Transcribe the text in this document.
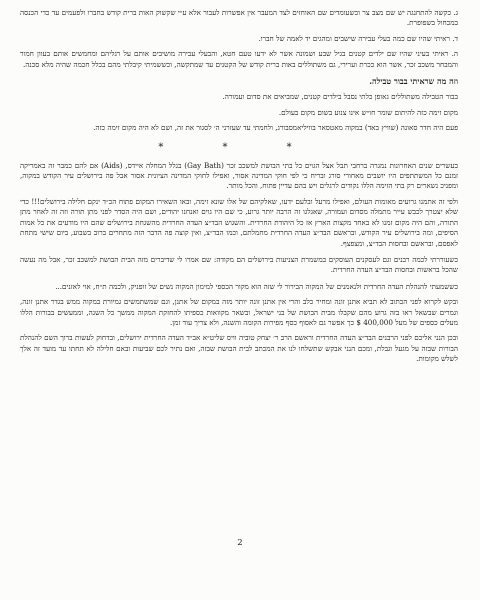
ג. כקשה להתחנגה יש שם מצב צר וכשעומדים שם האוחזים לצד המעבר אין אפשרות לעבור אלא ע״י שקשוק האות ברית קודש בחברו ולפעמים עד כדי הכנסה במכחול בשפופרת.

ד. ראיתי שהיו שם כמה בעלי עבירה שישבים ומהגים יד לאמה של חברו.

ה. ראיתי בעיני שהיו שם ילדים קטנים בגיל שבע ושמונה אשר לא ידעו טעם חטא, והבעלי עבירה מושיבים אותם על רגליהם ומחמשים אותם בעוון חמור והמבחר משכב זכר, אשר הוא ככרת וערירי, גם משתוללים באות ברית קודש של הקטנים עד שמתקשה, וכששמיתי קיבלתי מהם בכלל חכמה שהיה מלא סכנה.

וזה מה שראיתי בבור טבילה.

בבור הטבילה משתוללים גאופן כלתי נסבל בילדים קטנים, שמביאים את סדום ועמורה.

מקום זימה כזה להיתום שומר חו״ש אינו צנוע בשום מקום בעולם.

פעם היה חדר סאונה (שוויץ באד) במקוה מאטסאר בוויליאמסבורג, ולחמתי עד שעזרני ה׳ לסגור את זה, ושם לא היה מקום זימה כזה.

* * *

בעשרים שנים האחרונות נמגרה ברחבי תבל אצל הגוים כל בתי הבושת למשכב זכר (Gay Bath) בגלל המחלה איידס, (Aids) אם להם כמבר זה באמריקה זמנם כל המשתתפים היו יושבים מאחורי סורג ובריח כי לפי חוקי המדינה אסור, ואפילו לחוקי המדינה הציונית אסור אבל פה בירושלים עיר הקודש במקוה, ומפניכ נשארים רק בתי הזימה הללו נקודים לרגלים ויש בהם עדיין פתוח, והכל מותר.

ולפי זה אתמנו גרועים מאומות העולם, ואפילו מרעל ובלעם ידעו, שאלקיהם של אלו שונא זימה, ובאו השאירו המקום פתוח הכ״ד ינקם חלילה בירושלים!!! כדי שלא יצטרך לכבש עייר מתמלה מסדום ועמורה, שאגלגו זה הרבה יותר גרוע, כי שם היו גוים ואנחנו יהודים, ושם היה הסדר לפני מתן תורה וזה זה לאחר מתן התורה, והם היה מקום זמנו לא באחד מקצות הארץ אז כל היהודת החרדית. והשגוש הבד״צ העדה החרדית מהשגחת בירושלים שהם היו מודעים את כל אמות הסיפים, ומה בירושלים עיר הקודש, ובראשם הבד״צ העדה החרדית מחמלתם, וכמו הבד״צ, ואין קוצה פה הדבר הזה מתחרים ברוב בשבוע, ביום שישי מתחת לאפסם, ובראשם ובחסות הבד״צ, ומצפצף.

כשעוררתי לכמה רבנים וגם לעסקנים העוסקים במשמרת הצניעות בירושלים הם מקודה: שם אמרו לי שדיברים מזה הבית הבושת למשכב זכר, אבל מה נעשה שהכל בראשות ובחסות הבד״צ העדה החרדית.

כששמעתי להנהלת העדה החרדית ולנאמנים של המקוה הבירור לי שזה הוא מקור הכספי למימון המקוה נשים של זופניק, ולכמה ת״ח, אוי לאזנים...

ובקש לקרוא לפני הכתוב לא תביא אתנן זונה ומחיר כלב והרי אין אתנן זונה יותר מזה במקום של אתנן, וגם שמשתמשים גמיורת במקוה ממש בגדר אתנן זונה, וגמרים שבשאל ראו בזה גרוע מהם שקבלו מבית הבושת של בני ישראל, ובשאר מקוואות כספיתו להחזקת המקוה ממשך כל השנה, וממעשים בבורות הללו מעלים כספים של מעל 400,000 $ כך אפשר גם לאסוף כסף מפירות הקומה והשנה, ולא צריך עוד זמן.

ובכן הנני אליכם לפני הרבנים הבד״צ העדה החרדית וראשם הרב ר׳ יצחק טוביה וויס שליט״א אב״ד העדה החרדית ירושלים, ובדחוק לעשות ברוך השם להנהלת הבורות שבזה על מגעל וגבלת, ומכם הנני אבקש שתשלחו לנו את המכתב לבית הבושת שבזה, ואם נתיר לכם שביעות ובאם חלילה לא תחתו עד מועד זה אלך לשלש מקומות.

2
